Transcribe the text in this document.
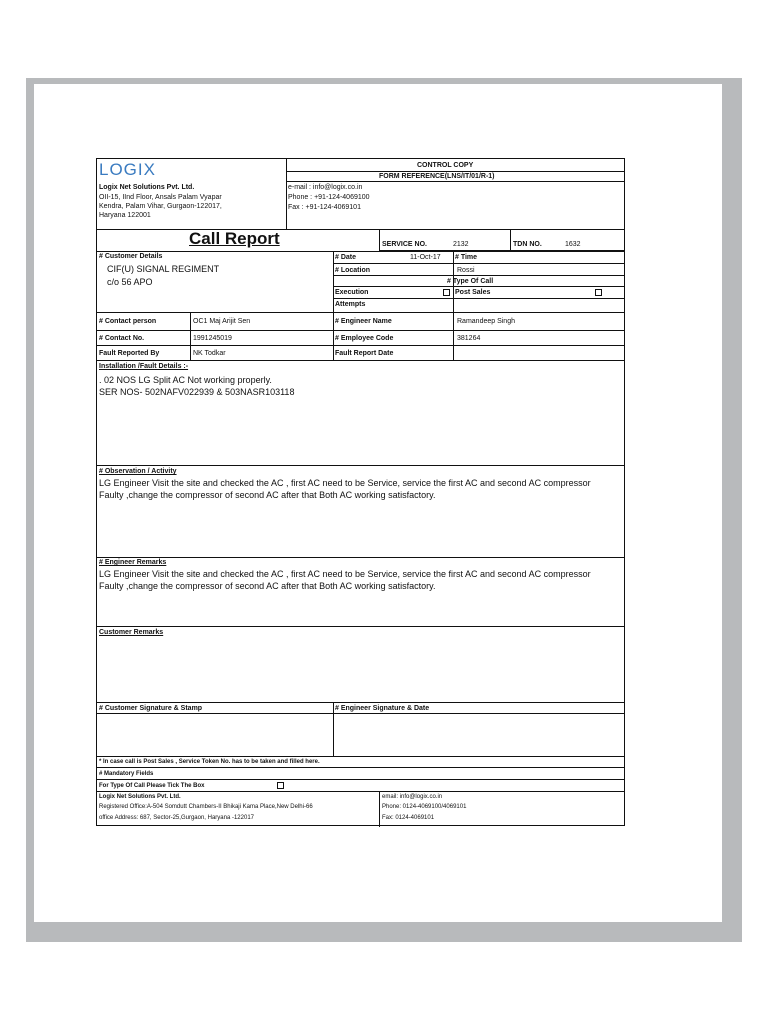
LOGIX
Logix Net Solutions Pvt. Ltd.
OII-15, IInd Floor, Ansals Palam Vyapar
Kendra, Palam Vihar, Gurgaon-122017,
Haryana 122001
CONTROL COPY
FORM REFERENCE(LNS/IT/01/R-1)
e-mail : info@logix.co.in
Phone : +91-124-4069100
Fax : +91-124-4069101
Call Report	SERVICE NO.	2132	TDN NO.	1632
# Customer Details
CIF(U) SIGNAL REGIMENT
c/o 56 APO
# Date	11-Oct-17 # Time
# Location	Rossi
# Type Of Call
Execution	Post Sales
Attempts
# Contact person	OC1 Maj Arijit Sen	# Engineer Name	Ramandeep Singh
# Contact No.	1991245019	# Employee Code	381264
Fault Reported By	NK Todkar	Fault Report Date
Installation /Fault Details :-
. 02 NOS LG Split AC Not working properly.
SER NOS- 502NAFV022939 & 503NASR103118
# Observation / Activity
LG Engineer Visit the site and checked the AC , first AC need to be Service, service the first AC and second AC compressor Faulty ,change the compressor of second AC after that Both AC working satisfactory.
# Engineer Remarks
LG Engineer Visit the site and checked the AC , first AC need to be Service, service the first AC and second AC compressor Faulty ,change the compressor of second AC after that Both AC working satisfactory.
Customer Remarks
# Customer Signature & Stamp	# Engineer Signature & Date
* In case call is Post Sales , Service Token No. has to be taken and filled here.
# Mandatory Fields
For Type Of Call Please Tick The Box
Logix Net Solutions Pvt. Ltd.
Registered Office:A-504 Somdutt Chambers-II Bhikaji Kama Place,New Delhi-66
office Address: 687, Sector-25,Gurgaon, Haryana -122017
email: info@logix.co.in
Phone: 0124-4069100/4069101
Fax: 0124-4069101
